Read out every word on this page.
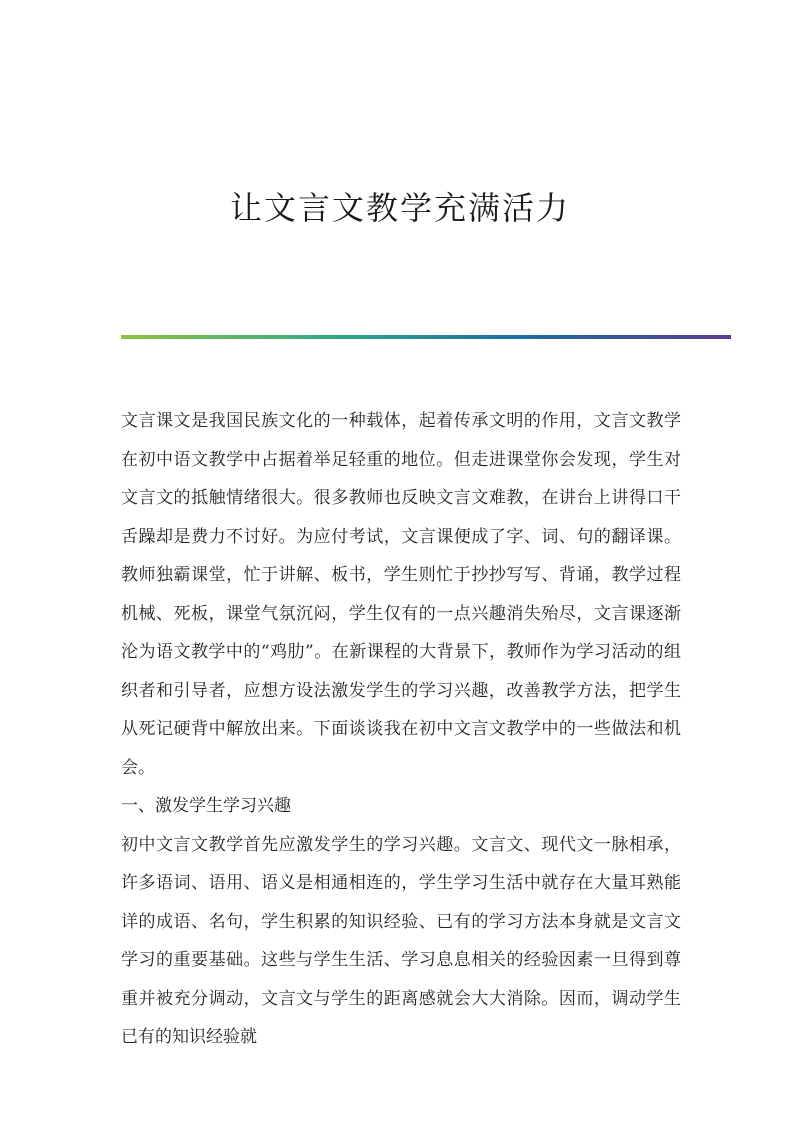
让文言文教学充满活力

文言课文是我国民族文化的一种载体，起着传承文明的作用，文言文教学在初中语文教学中占据着举足轻重的地位。但走进课堂你会发现，学生对文言文的抵触情绪很大。很多教师也反映文言文难教，在讲台上讲得口干舌躁却是费力不讨好。为应付考试，文言课便成了字、词、句的翻译课。教师独霸课堂，忙于讲解、板书，学生则忙于抄抄写写、背诵，教学过程机械、死板，课堂气氛沉闷，学生仅有的一点兴趣消失殆尽，文言课逐渐沦为语文教学中的“鸡肋”。在新课程的大背景下，教师作为学习活动的组织者和引导者，应想方设法激发学生的学习兴趣，改善教学方法，把学生从死记硬背中解放出来。下面谈谈我在初中文言文教学中的一些做法和机会。

一、激发学生学习兴趣

初中文言文教学首先应激发学生的学习兴趣。文言文、现代文一脉相承，许多语词、语用、语义是相通相连的，学生学习生活中就存在大量耳熟能详的成语、名句，学生积累的知识经验、已有的学习方法本身就是文言文学习的重要基础。这些与学生生活、学习息息相关的经验因素一旦得到尊重并被充分调动，文言文与学生的距离感就会大大消除。因而，调动学生已有的知识经验就
